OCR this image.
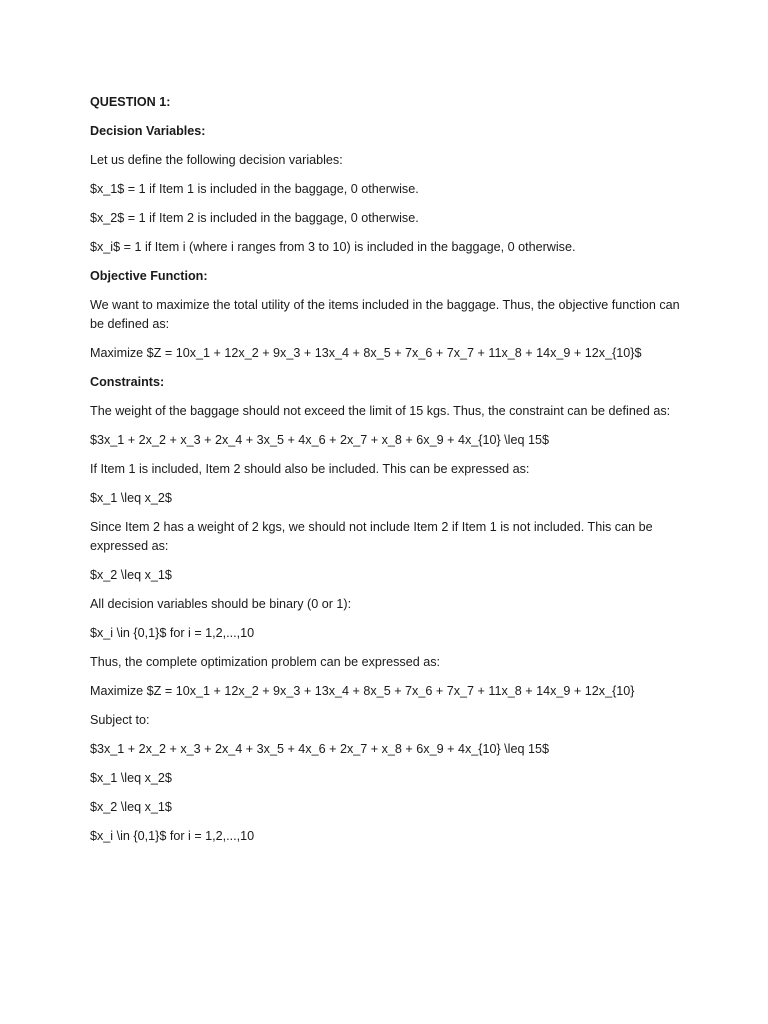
QUESTION 1:

Decision Variables:

Let us define the following decision variables:

$x_1$ = 1 if Item 1 is included in the baggage, 0 otherwise.

$x_2$ = 1 if Item 2 is included in the baggage, 0 otherwise.

$x_i$ = 1 if Item i (where i ranges from 3 to 10) is included in the baggage, 0 otherwise.

Objective Function:

We want to maximize the total utility of the items included in the baggage. Thus, the objective function can be defined as:

Maximize $Z = 10x_1 + 12x_2 + 9x_3 + 13x_4 + 8x_5 + 7x_6 + 7x_7 + 11x_8 + 14x_9 + 12x_{10}$

Constraints:

The weight of the baggage should not exceed the limit of 15 kgs. Thus, the constraint can be defined as:

$3x_1 + 2x_2 + x_3 + 2x_4 + 3x_5 + 4x_6 + 2x_7 + x_8 + 6x_9 + 4x_{10} \leq 15$

If Item 1 is included, Item 2 should also be included. This can be expressed as:

$x_1 \leq x_2$

Since Item 2 has a weight of 2 kgs, we should not include Item 2 if Item 1 is not included. This can be expressed as:

$x_2 \leq x_1$

All decision variables should be binary (0 or 1):

$x_i \in {0,1}$ for i = 1,2,...,10

Thus, the complete optimization problem can be expressed as:

Maximize $Z = 10x_1 + 12x_2 + 9x_3 + 13x_4 + 8x_5 + 7x_6 + 7x_7 + 11x_8 + 14x_9 + 12x_{10}

Subject to:

$3x_1 + 2x_2 + x_3 + 2x_4 + 3x_5 + 4x_6 + 2x_7 + x_8 + 6x_9 + 4x_{10} \leq 15$

$x_1 \leq x_2$

$x_2 \leq x_1$

$x_i \in {0,1}$ for i = 1,2,...,10
